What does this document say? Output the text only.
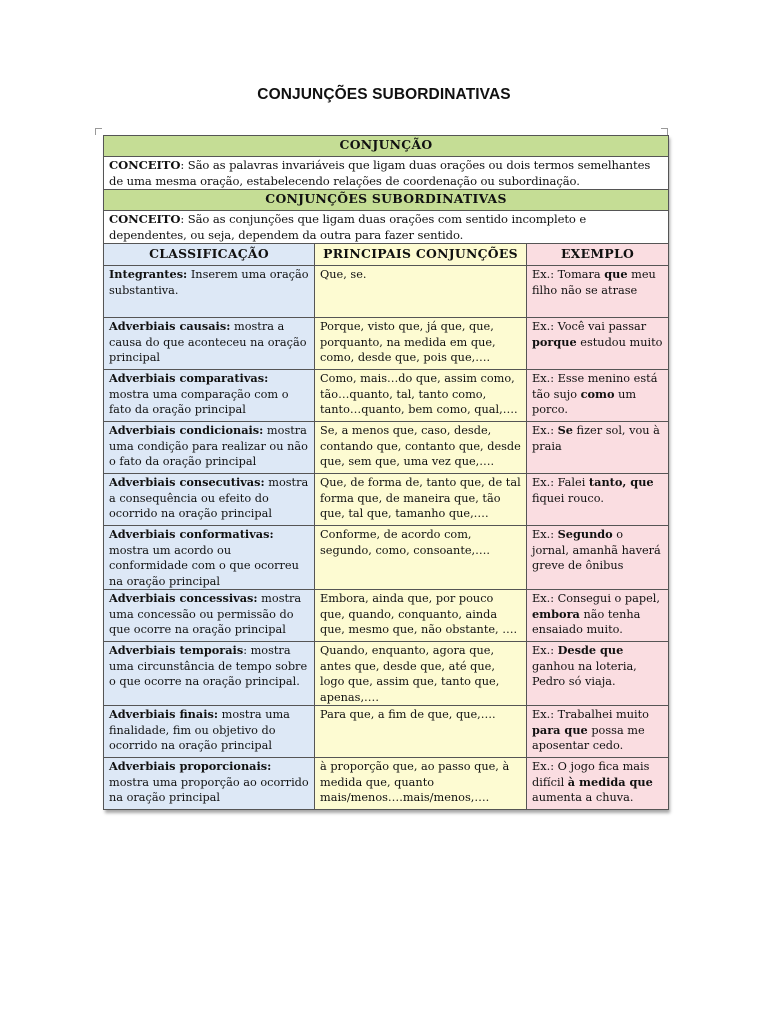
CONJUNÇÕES SUBORDINATIVAS
CONJUNÇÃO		
CONCEITO: São as palavras invariáveis que ligam duas orações ou dois termos semelhantes de uma mesma oração, estabelecendo relações de coordenação ou subordinação.		
CONJUNÇÕES SUBORDINATIVAS		
CONCEITO: São as conjunções que ligam duas orações com sentido incompleto e dependentes, ou seja, dependem da outra para fazer sentido.		
CLASSIFICAÇÃO	PRINCIPAIS CONJUNÇÕES	EXEMPLO
Integrantes: Inserem uma oração substantiva.	Que, se.	Ex.: Tomara que meu filho não se atrase
Adverbiais causais: mostra a causa do que aconteceu na oração principal	Porque, visto que, já que, que, porquanto, na medida em que, como, desde que, pois que,….	Ex.: Você vai passar porque estudou muito
Adverbiais comparativas: mostra uma comparação com o fato da oração principal	Como, mais…do que, assim como, tão…quanto, tal, tanto como, tanto…quanto, bem como, qual,….	Ex.: Esse menino está tão sujo como um porco.
Adverbiais condicionais: mostra uma condição para realizar ou não o fato da oração principal	Se, a menos que, caso, desde, contando que, contanto que, desde que, sem que, uma vez que,….	Ex.: Se fizer sol, vou à praia
Adverbiais consecutivas: mostra a consequência ou efeito do ocorrido na oração principal	Que, de forma de, tanto que, de tal forma que, de maneira que, tão que, tal que, tamanho que,….	Ex.: Falei tanto, que fiquei rouco.
Adverbiais conformativas: mostra um acordo ou conformidade com o que ocorreu na oração principal	Conforme, de acordo com, segundo, como, consoante,….	Ex.: Segundo o jornal, amanhã haverá greve de ônibus
Adverbiais concessivas: mostra uma concessão ou permissão do que ocorre na oração principal	Embora, ainda que, por pouco que, quando, conquanto, ainda que, mesmo que, não obstante, ….	Ex.: Consegui o papel, embora não tenha ensaiado muito.
Adverbiais temporais: mostra uma circunstância de tempo sobre o que ocorre na oração principal.	Quando, enquanto, agora que, antes que, desde que, até que, logo que, assim que, tanto que, apenas,….	Ex.: Desde que ganhou na loteria, Pedro só viaja.
Adverbiais finais: mostra uma finalidade, fim ou objetivo do ocorrido na oração principal	Para que, a fim de que, que,….	Ex.: Trabalhei muito para que possa me aposentar cedo.
Adverbiais proporcionais: mostra uma proporção ao ocorrido na oração principal	à proporção que, ao passo que, à medida que, quanto mais/menos….mais/menos,….	Ex.: O jogo fica mais difícil à medida que aumenta a chuva.
